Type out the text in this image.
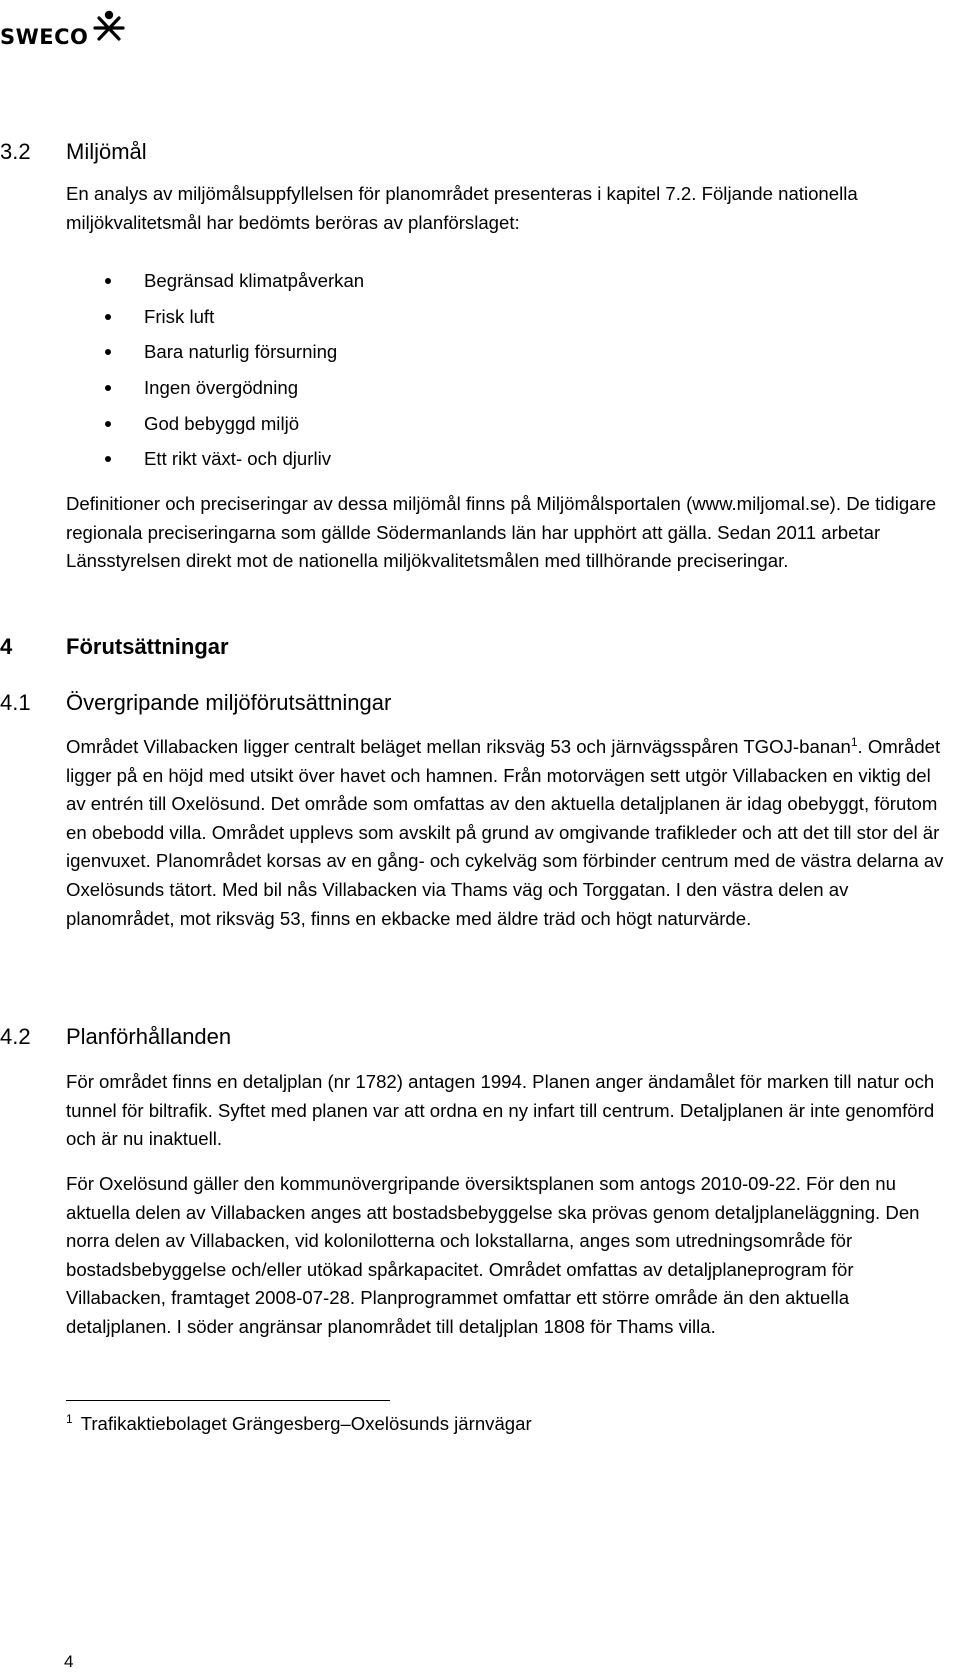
SWECO
3.2 Miljömål

En analys av miljömålsuppfyllelsen för planområdet presenteras i kapitel 7.2. Följande nationella miljökvalitetsmål har bedömts beröras av planförslaget:

Begränsad klimatpåverkan
Frisk luft
Bara naturlig försurning
Ingen övergödning
God bebyggd miljö
Ett rikt växt- och djurliv

Definitioner och preciseringar av dessa miljömål finns på Miljömålsportalen (www.miljomal.se). De tidigare regionala preciseringarna som gällde Södermanlands län har upphört att gälla. Sedan 2011 arbetar Länsstyrelsen direkt mot de nationella miljökvalitetsmålen med tillhörande preciseringar.

4 Förutsättningar
4.1 Övergripande miljöförutsättningar

Området Villabacken ligger centralt beläget mellan riksväg 53 och järnvägsspåren TGOJ-banan$^1$. Området ligger på en höjd med utsikt över havet och hamnen. Från motorvägen sett utgör Villabacken en viktig del av entrén till Oxelösund. Det område som omfattas av den aktuella detaljplanen är idag obebyggt, förutom en obebodd villa. Området upplevs som avskilt på grund av omgivande trafikleder och att det till stor del är igenvuxet. Planområdet korsas av en gång- och cykelväg som förbinder centrum med de västra delarna av Oxelösunds tätort. Med bil nås Villabacken via Thams väg och Torggatan. I den västra delen av planområdet, mot riksväg 53, finns en ekbacke med äldre träd och högt naturvärde.

4.2 Planförhållanden

För området finns en detaljplan (nr 1782) antagen 1994. Planen anger ändamålet för marken till natur och tunnel för biltrafik. Syftet med planen var att ordna en ny infart till centrum. Detaljplanen är inte genomförd och är nu inaktuell.

För Oxelösund gäller den kommunövergripande översiktsplanen som antogs 2010-09-22. För den nu aktuella delen av Villabacken anges att bostadsbebyggelse ska prövas genom detaljplaneläggning. Den norra delen av Villabacken, vid kolonilotterna och lokstallarna, anges som utredningsområde för bostadsbebyggelse och/eller utökad spårkapacitet. Området omfattas av detaljplaneprogram för Villabacken, framtaget 2008-07-28. Planprogrammet omfattar ett större område än den aktuella detaljplanen. I söder angränsar planområdet till detaljplan 1808 för Thams villa.

$^1$ Trafikaktiebolaget Grängesberg–Oxelösunds järnvägar
4
